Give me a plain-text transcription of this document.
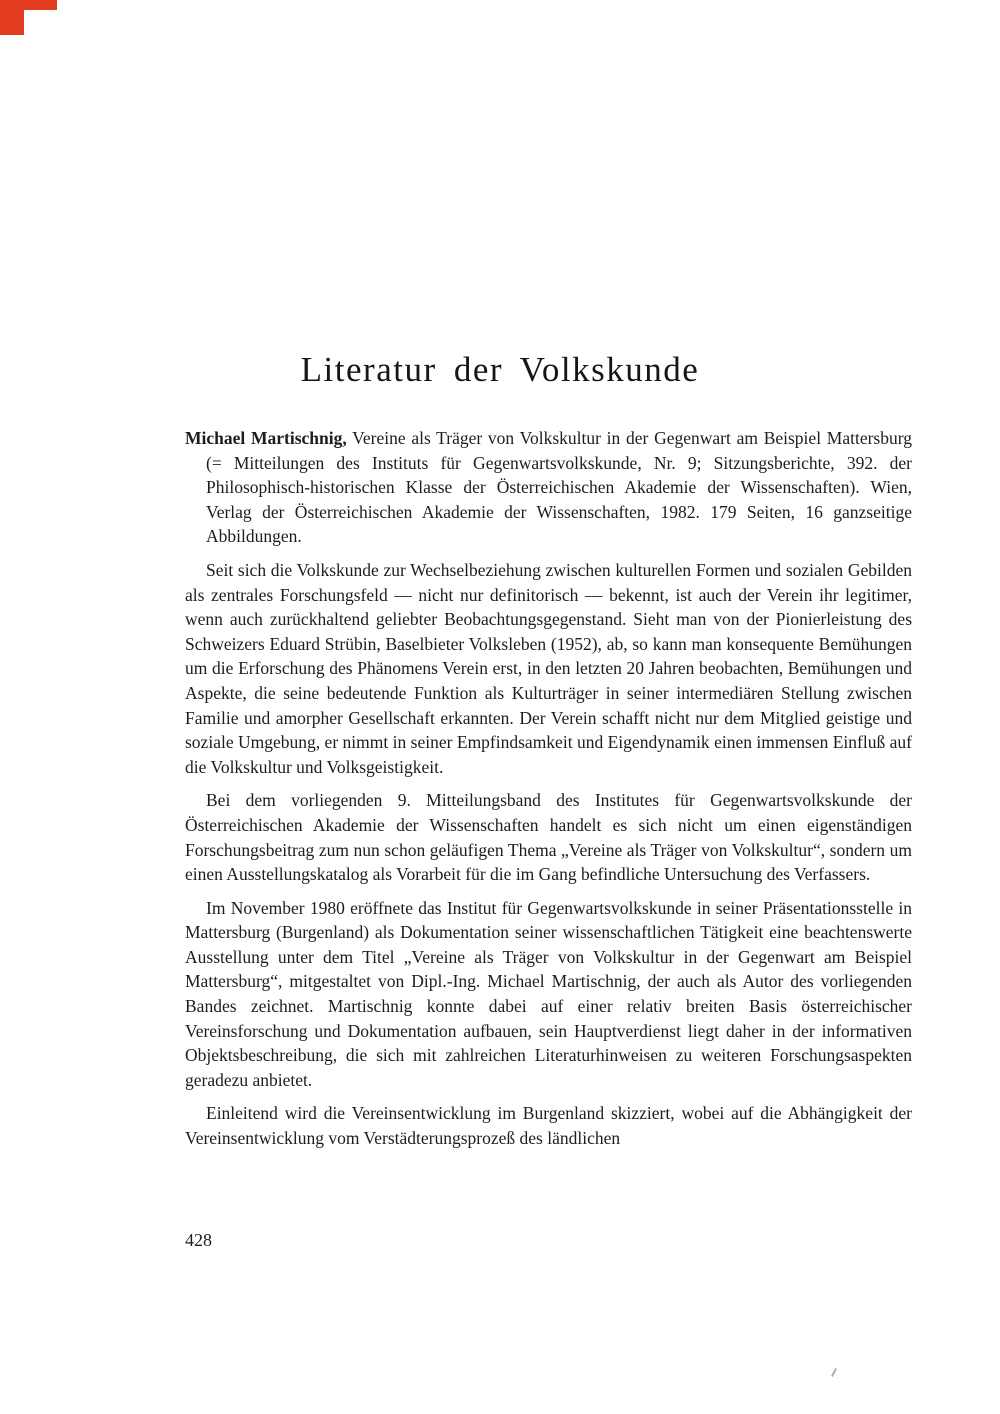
Literatur der Volkskunde

Michael Martischnig, Vereine als Träger von Volkskultur in der Gegenwart am Beispiel Mattersburg (= Mitteilungen des Instituts für Gegenwartsvolkskunde, Nr. 9; Sitzungsberichte, 392. der Philosophisch-historischen Klasse der Österreichischen Akademie der Wissenschaften). Wien, Verlag der Österreichischen Akademie der Wissenschaften, 1982. 179 Seiten, 16 ganzseitige Abbildungen.

Seit sich die Volkskunde zur Wechselbeziehung zwischen kulturellen Formen und sozialen Gebilden als zentrales Forschungsfeld — nicht nur definitorisch — bekennt, ist auch der Verein ihr legitimer, wenn auch zurückhaltend geliebter Beobachtungsgegenstand. Sieht man von der Pionierleistung des Schweizers Eduard Strübin, Baselbieter Volksleben (1952), ab, so kann man konsequente Bemühungen um die Erforschung des Phänomens Verein erst, in den letzten 20 Jahren beobachten, Bemühungen und Aspekte, die seine bedeutende Funktion als Kulturträger in seiner intermediären Stellung zwischen Familie und amorpher Gesellschaft erkannten. Der Verein schafft nicht nur dem Mitglied geistige und soziale Umgebung, er nimmt in seiner Empfindsamkeit und Eigendynamik einen immensen Einfluß auf die Volkskultur und Volksgeistigkeit.

Bei dem vorliegenden 9. Mitteilungsband des Institutes für Gegenwartsvolkskunde der Österreichischen Akademie der Wissenschaften handelt es sich nicht um einen eigenständigen Forschungsbeitrag zum nun schon geläufigen Thema „Vereine als Träger von Volkskultur“, sondern um einen Ausstellungskatalog als Vorarbeit für die im Gang befindliche Untersuchung des Verfassers.

Im November 1980 eröffnete das Institut für Gegenwartsvolkskunde in seiner Präsentationsstelle in Mattersburg (Burgenland) als Dokumentation seiner wissenschaftlichen Tätigkeit eine beachtenswerte Ausstellung unter dem Titel „Vereine als Träger von Volkskultur in der Gegenwart am Beispiel Mattersburg“, mitgestaltet von Dipl.-Ing. Michael Martischnig, der auch als Autor des vorliegenden Bandes zeichnet. Martischnig konnte dabei auf einer relativ breiten Basis österreichischer Vereinsforschung und Dokumentation aufbauen, sein Hauptverdienst liegt daher in der informativen Objektsbeschreibung, die sich mit zahlreichen Literaturhinweisen zu weiteren Forschungsaspekten geradezu anbietet.

Einleitend wird die Vereinsentwicklung im Burgenland skizziert, wobei auf die Abhängigkeit der Vereinsentwicklung vom Verstädterungsprozeß des ländlichen

428
